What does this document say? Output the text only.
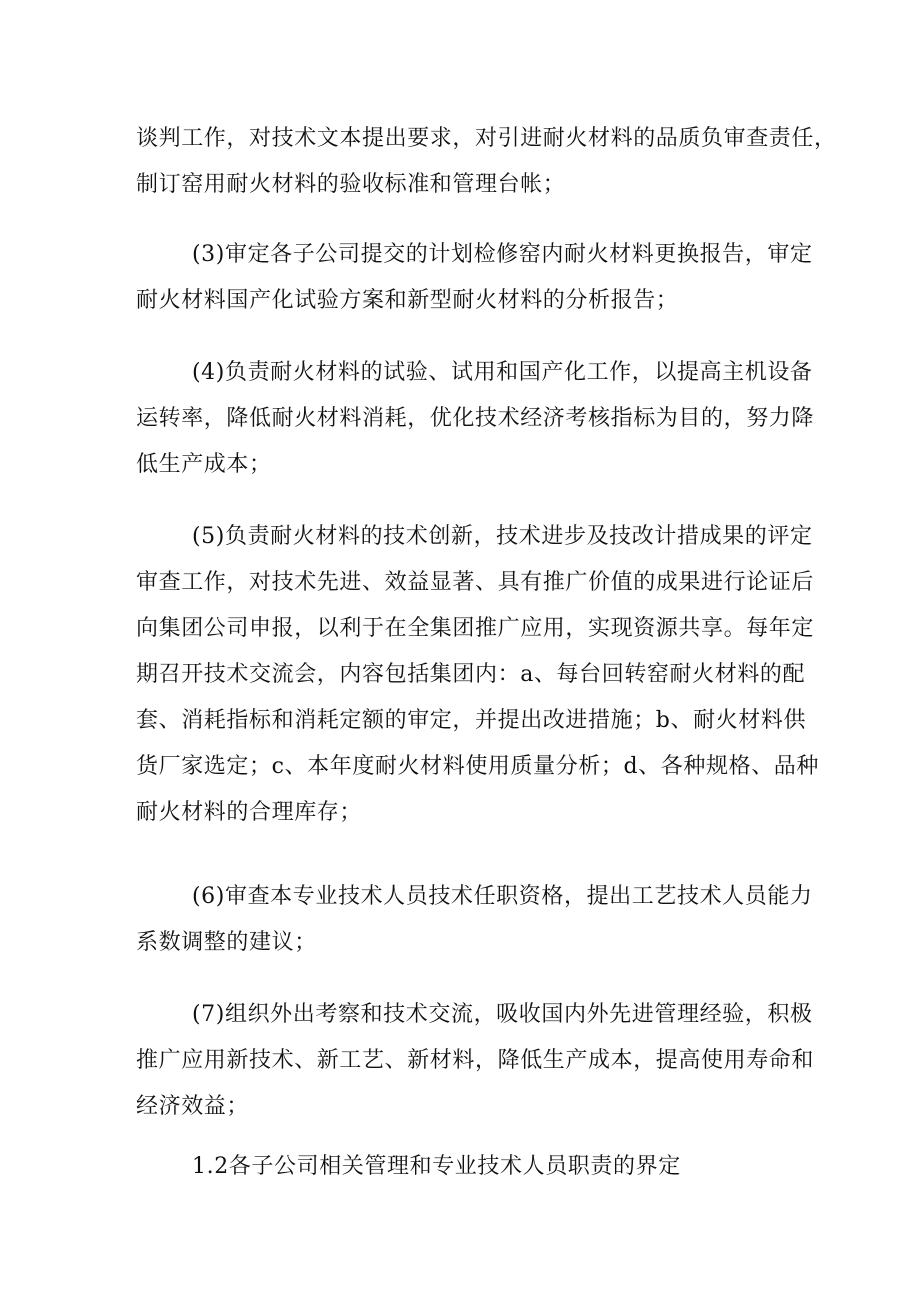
谈判工作，对技术文本提出要求，对引进耐火材料的品质负审查责任，
制订窑用耐火材料的验收标准和管理台帐；
(3)审定各子公司提交的计划检修窑内耐火材料更换报告，审定
耐火材料国产化试验方案和新型耐火材料的分析报告；
(4)负责耐火材料的试验、试用和国产化工作，以提高主机设备
运转率，降低耐火材料消耗，优化技术经济考核指标为目的，努力降
低生产成本；
(5)负责耐火材料的技术创新，技术进步及技改计措成果的评定
审查工作，对技术先进、效益显著、具有推广价值的成果进行论证后
向集团公司申报，以利于在全集团推广应用，实现资源共享。每年定
期召开技术交流会，内容包括集团内：a、每台回转窑耐火材料的配
套、消耗指标和消耗定额的审定，并提出改进措施；b、耐火材料供
货厂家选定；c、本年度耐火材料使用质量分析；d、各种规格、品种
耐火材料的合理库存；
(6)审查本专业技术人员技术任职资格，提出工艺技术人员能力
系数调整的建议；
(7)组织外出考察和技术交流，吸收国内外先进管理经验，积极
推广应用新技术、新工艺、新材料，降低生产成本，提高使用寿命和
经济效益；
1.2各子公司相关管理和专业技术人员职责的界定
